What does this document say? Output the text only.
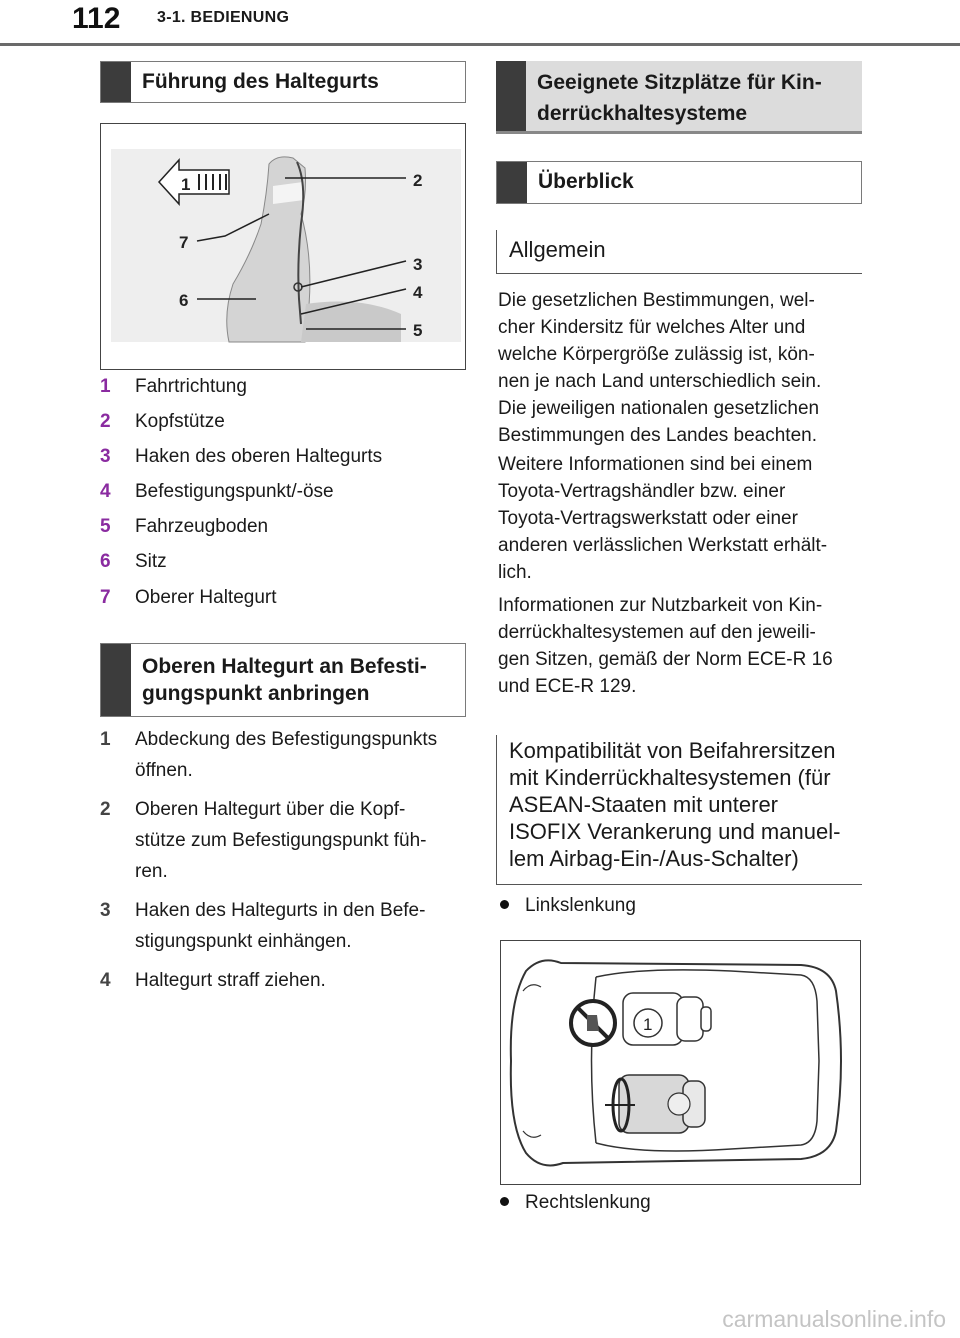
112 3-1. BEDIENUNG
Führung des Haltegurts
1	2
3
4
5
6
7
1 Fahrtrichtung
2 Kopfstütze
3 Haken des oberen Haltegurts
4 Befestigungspunkt/-öse
5 Fahrzeugboden
6 Sitz
7 Oberer Haltegurt
Oberen Haltegurt an Befesti-
gungspunkt anbringen
1 Abdeckung des Befestigungspunkts
öffnen.
2 Oberen Haltegurt über die Kopf-
stütze zum Befestigungspunkt füh-
ren.
3 Haken des Haltegurts in den Befe-
stigungspunkt einhängen.
4 Haltegurt straff ziehen.
Geeignete Sitzplätze für Kin-
derrückhaltesysteme
Überblick
Allgemein
Die gesetzlichen Bestimmungen, wel-
cher Kindersitz für welches Alter und
welche Körpergröße zulässig ist, kön-
nen je nach Land unterschiedlich sein.
Die jeweiligen nationalen gesetzlichen
Bestimmungen des Landes beachten.
Weitere Informationen sind bei einem
Toyota-Vertragshändler bzw. einer
Toyota-Vertragswerkstatt oder einer
anderen verlässlichen Werkstatt erhält-
lich.
Informationen zur Nutzbarkeit von Kin-
derrückhaltesystemen auf den jeweili-
gen Sitzen, gemäß der Norm ECE-R 16
und ECE-R 129.
Kompatibilität von Beifahrersitzen
mit Kinderrückhaltesystemen (für
ASEAN-Staaten mit unterer
ISOFIX Verankerung und manuel-
lem Airbag-Ein-/Aus-Schalter)
Linkslenkung
1
Rechtslenkung
carmanualsonline.info
